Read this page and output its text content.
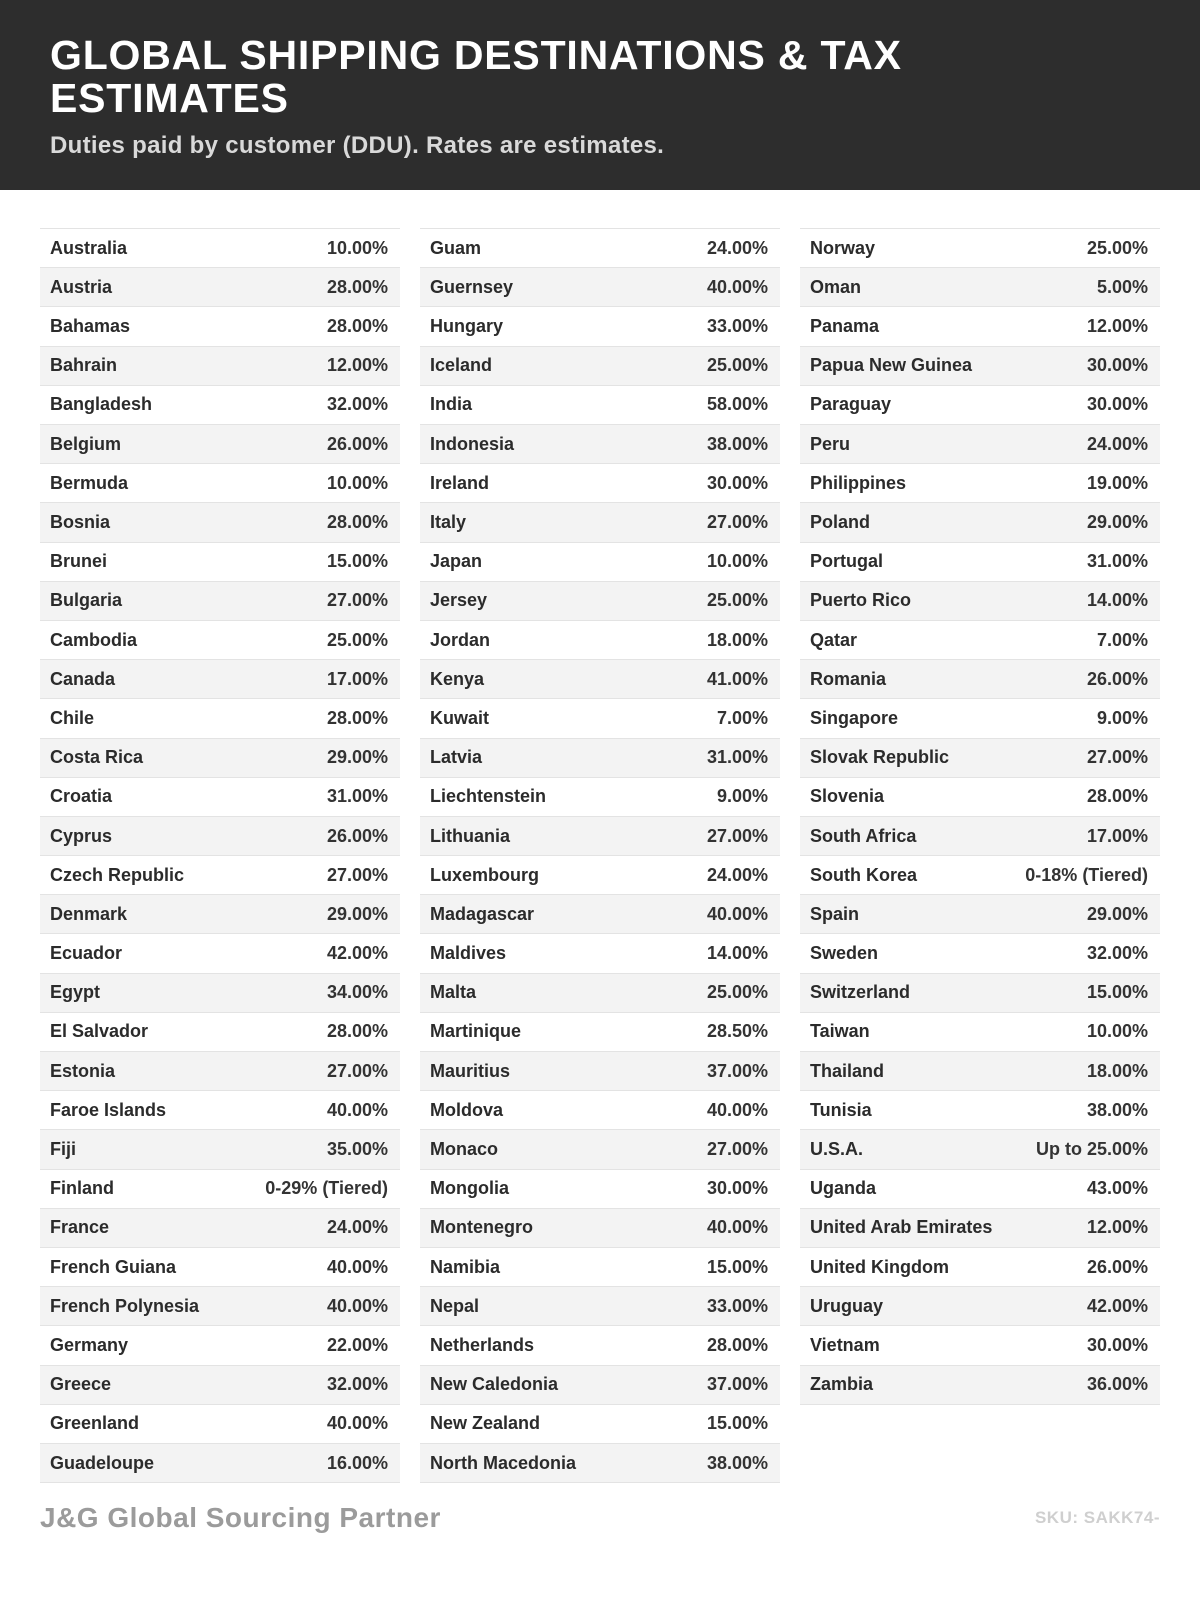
GLOBAL SHIPPING DESTINATIONS & TAX ESTIMATES

Duties paid by customer (DDU). Rates are estimates.

Australia	10.00%
Austria	28.00%
Bahamas	28.00%
Bahrain	12.00%
Bangladesh	32.00%
Belgium	26.00%
Bermuda	10.00%
Bosnia	28.00%
Brunei	15.00%
Bulgaria	27.00%
Cambodia	25.00%
Canada	17.00%
Chile	28.00%
Costa Rica	29.00%
Croatia	31.00%
Cyprus	26.00%
Czech Republic	27.00%
Denmark	29.00%
Ecuador	42.00%
Egypt	34.00%
El Salvador	28.00%
Estonia	27.00%
Faroe Islands	40.00%
Fiji	35.00%
Finland	0-29% (Tiered)
France	24.00%
French Guiana	40.00%
French Polynesia	40.00%
Germany	22.00%
Greece	32.00%
Greenland	40.00%
Guadeloupe	16.00%
Guam	24.00%
Guernsey	40.00%
Hungary	33.00%
Iceland	25.00%
India	58.00%
Indonesia	38.00%
Ireland	30.00%
Italy	27.00%
Japan	10.00%
Jersey	25.00%
Jordan	18.00%
Kenya	41.00%
Kuwait	7.00%
Latvia	31.00%
Liechtenstein	9.00%
Lithuania	27.00%
Luxembourg	24.00%
Madagascar	40.00%
Maldives	14.00%
Malta	25.00%
Martinique	28.50%
Mauritius	37.00%
Moldova	40.00%
Monaco	27.00%
Mongolia	30.00%
Montenegro	40.00%
Namibia	15.00%
Nepal	33.00%
Netherlands	28.00%
New Caledonia	37.00%
New Zealand	15.00%
North Macedonia	38.00%
Norway	25.00%
Oman	5.00%
Panama	12.00%
Papua New Guinea	30.00%
Paraguay	30.00%
Peru	24.00%
Philippines	19.00%
Poland	29.00%
Portugal	31.00%
Puerto Rico	14.00%
Qatar	7.00%
Romania	26.00%
Singapore	9.00%
Slovak Republic	27.00%
Slovenia	28.00%
South Africa	17.00%
South Korea	0-18% (Tiered)
Spain	29.00%
Sweden	32.00%
Switzerland	15.00%
Taiwan	10.00%
Thailand	18.00%
Tunisia	38.00%
U.S.A.	Up to 25.00%
Uganda	43.00%
United Arab Emirates	12.00%
United Kingdom	26.00%
Uruguay	42.00%
Vietnam	30.00%
Zambia	36.00%
J&G Global Sourcing Partner	SKU: SAKK74-
